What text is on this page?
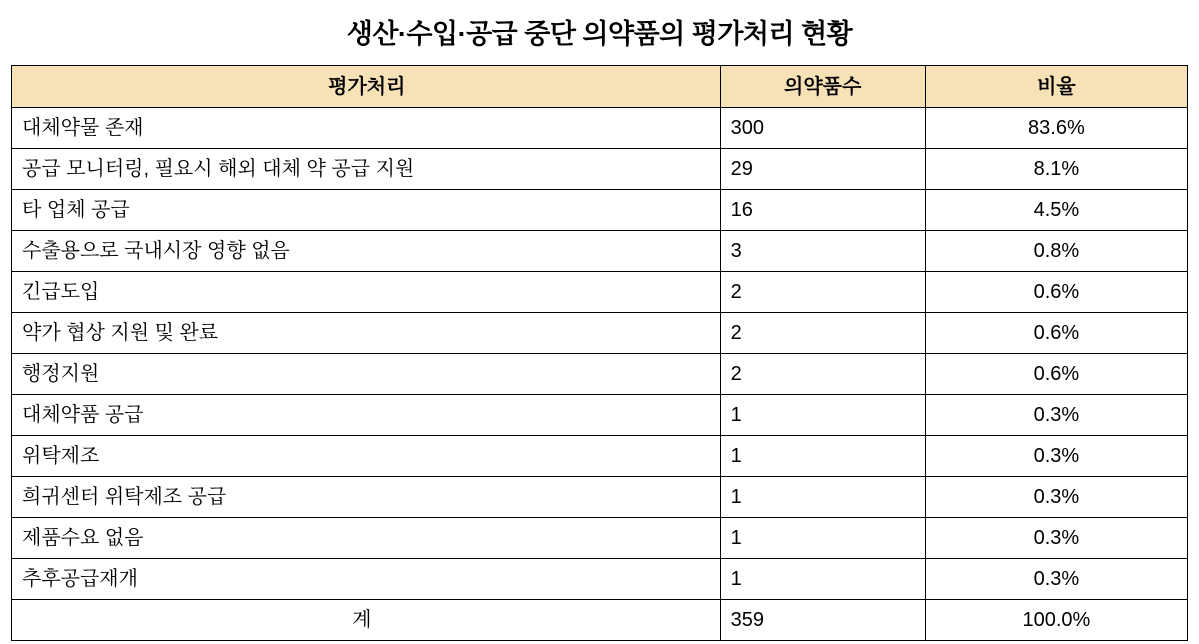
생산·수입·공급 중단 의약품의 평가처리 현황
평가처리	의약품수	비율
대체약물 존재	300	83.6%
공급 모니터링, 필요시 해외 대체 약 공급 지원	29	8.1%
타 업체 공급	16	4.5%
수출용으로 국내시장 영향 없음	3	0.8%
긴급도입	2	0.6%
약가 협상 지원 및 완료	2	0.6%
행정지원	2	0.6%
대체약품 공급	1	0.3%
위탁제조	1	0.3%
희귀센터 위탁제조 공급	1	0.3%
제품수요 없음	1	0.3%
추후공급재개	1	0.3%
계	359	100.0%
